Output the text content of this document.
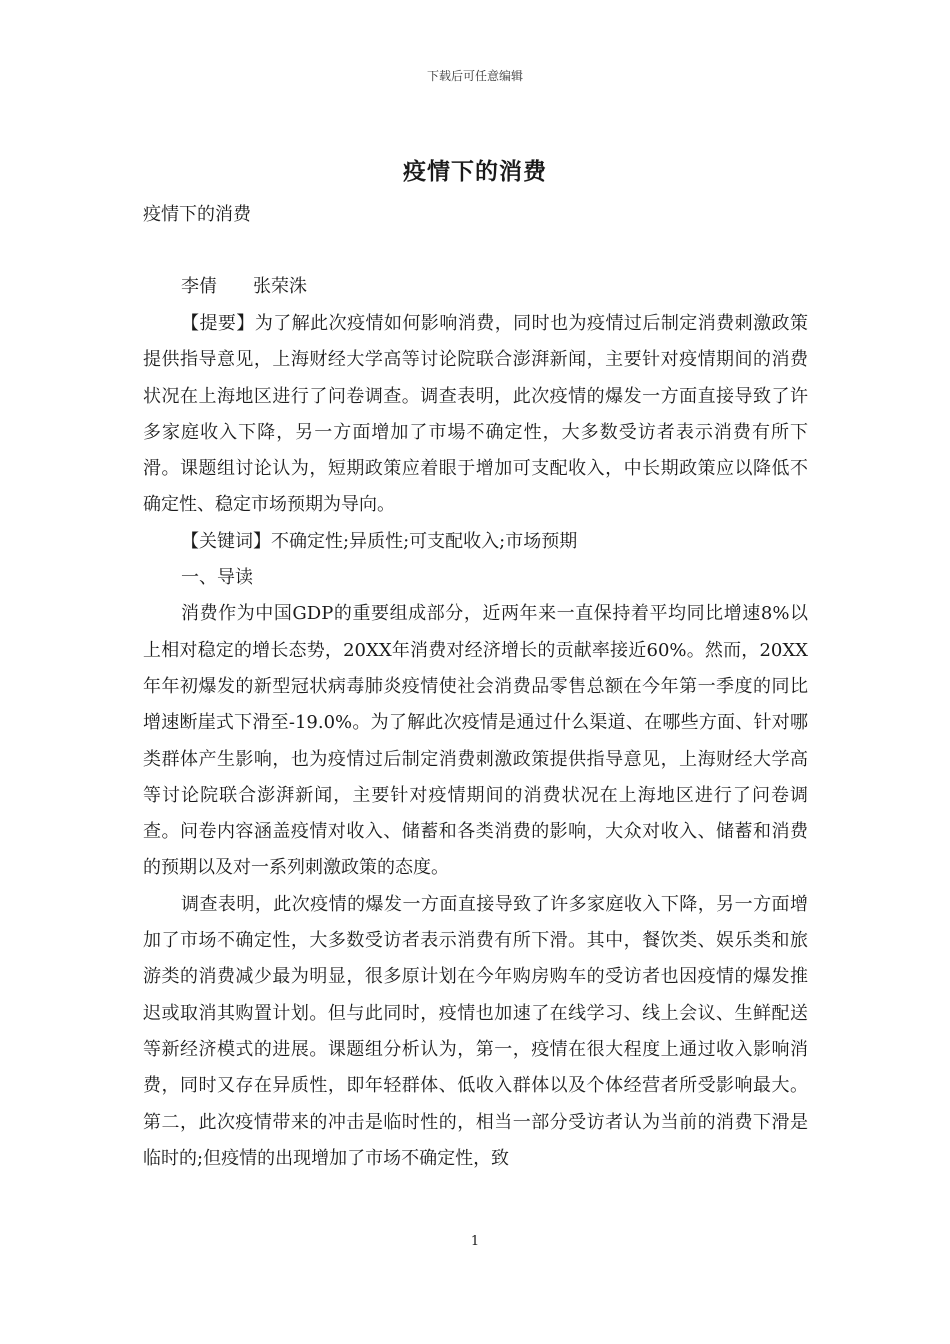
下载后可任意编辑
疫情下的消费
疫情下的消费
李倩　　张荣洙

【提要】为了解此次疫情如何影响消费，同时也为疫情过后制定消费刺激政策提供指导意见，上海财经大学高等讨论院联合澎湃新闻，主要针对疫情期间的消费状况在上海地区进行了问卷调查。调查表明，此次疫情的爆发一方面直接导致了许多家庭收入下降，另一方面增加了市場不确定性，大多数受访者表示消费有所下滑。课题组讨论认为，短期政策应着眼于增加可支配收入，中长期政策应以降低不确定性、稳定市场预期为导向。

【关键词】不确定性;异质性;可支配收入;市场预期

一、导读

消费作为中国GDP的重要组成部分，近两年来一直保持着平均同比增速8%以上相对稳定的增长态势，20XX年消费对经济增长的贡献率接近60%。然而，20XX年年初爆发的新型冠状病毒肺炎疫情使社会消费品零售总额在今年第一季度的同比增速断崖式下滑至-19.0%。为了解此次疫情是通过什么渠道、在哪些方面、针对哪类群体产生影响，也为疫情过后制定消费刺激政策提供指导意见，上海财经大学高等讨论院联合澎湃新闻，主要针对疫情期间的消费状况在上海地区进行了问卷调查。问卷内容涵盖疫情对收入、储蓄和各类消费的影响，大众对收入、储蓄和消费的预期以及对一系列刺激政策的态度。

调查表明，此次疫情的爆发一方面直接导致了许多家庭收入下降，另一方面增加了市场不确定性，大多数受访者表示消费有所下滑。其中，餐饮类、娱乐类和旅游类的消费减少最为明显，很多原计划在今年购房购车的受访者也因疫情的爆发推迟或取消其购置计划。但与此同时，疫情也加速了在线学习、线上会议、生鲜配送等新经济模式的进展。课题组分析认为，第一，疫情在很大程度上通过收入影响消费，同时又存在异质性，即年轻群体、低收入群体以及个体经营者所受影响最大。第二，此次疫情带来的冲击是临时性的，相当一部分受访者认为当前的消费下滑是临时的;但疫情的出现增加了市场不确定性，致

1
